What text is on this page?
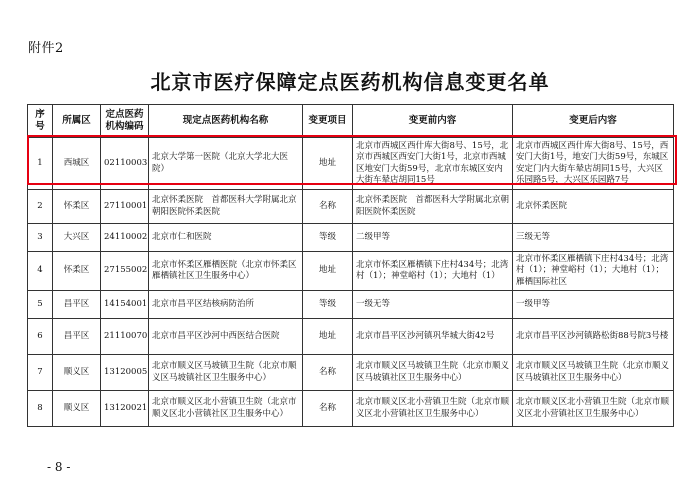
附件2
北京市医疗保障定点医药机构信息变更名单
序号	所属区	定点医药机构编码	现定点医药机构名称	变更项目	变更前内容	变更后内容
1	西城区	02110003	北京大学第一医院（北京大学北大医院）	地址	北京市西城区西什库大街8号、15号，北京市西城区西安门大街1号，北京市西城区地安门大街59号，北京市东城区安内大街车辇店胡同15号	北京市西城区西什库大街8号、15号，西安门大街1号，地安门大街59号，东城区安定门内大街车辇店胡同15号，大兴区乐园路5号，大兴区乐园路7号
2	怀柔区	27110001	北京怀柔医院　首都医科大学附属北京朝阳医院怀柔医院	名称	北京怀柔医院　首都医科大学附属北京朝阳医院怀柔医院	北京怀柔医院
3	大兴区	24110002	北京市仁和医院	等级	二级甲等	三级无等
4	怀柔区	27155002	北京市怀柔区雁栖医院（北京市怀柔区雁栖镇社区卫生服务中心）	地址	北京市怀柔区雁栖镇下庄村434号；北湾村（1）；神堂峪村（1）；大地村（1）	北京市怀柔区雁栖镇下庄村434号；北湾村（1）；神堂峪村（1）；大地村（1）；雁栖国际社区
5	昌平区	14154001	北京市昌平区结核病防治所	等级	一级无等	一级甲等
6	昌平区	21110070	北京市昌平区沙河中西医结合医院	地址	北京市昌平区沙河镇巩华城大街42号	北京市昌平区沙河镇路松街88号院3号楼
7	顺义区	13120005	北京市顺义区马坡镇卫生院（北京市顺义区马坡镇社区卫生服务中心）	名称	北京市顺义区马坡镇卫生院（北京市顺义区马坡镇社区卫生服务中心）	北京市顺义区马坡镇卫生院（北京市顺义区马坡镇社区卫生服务中心）
8	顺义区	13120021	北京市顺义区北小营镇卫生院（北京市顺义区北小营镇社区卫生服务中心）	名称	北京市顺义区北小营镇卫生院（北京市顺义区北小营镇社区卫生服务中心）	北京市顺义区北小营镇卫生院（北京市顺义区北小营镇社区卫生服务中心）
- 8 -
